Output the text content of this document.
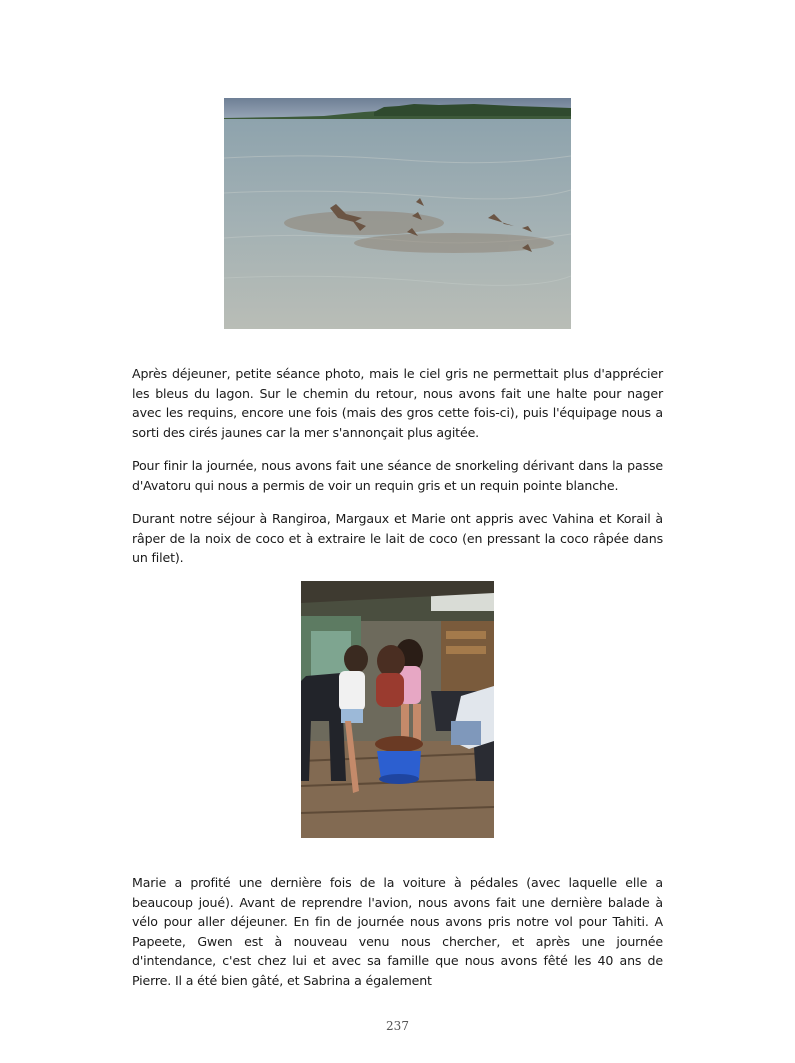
Après déjeuner, petite séance photo, mais le ciel gris ne permettait plus d'apprécier les bleus du lagon. Sur le chemin du retour, nous avons fait une halte pour nager avec les requins, encore une fois (mais des gros cette fois-ci), puis l'équipage nous a sorti des cirés jaunes car la mer s'annonçait plus agitée.

Pour finir la journée, nous avons fait une séance de snorkeling dérivant dans la passe d'Avatoru qui nous a permis de voir un requin gris et un requin pointe blanche.

Durant notre séjour à Rangiroa, Margaux et Marie ont appris avec Vahina et Korail à râper de la noix de coco et à extraire le lait de coco (en pressant la coco râpée dans un filet).

Marie a profité une dernière fois de la voiture à pédales (avec laquelle elle a beaucoup joué). Avant de reprendre l'avion, nous avons fait une dernière balade à vélo pour aller déjeuner. En fin de journée nous avons pris notre vol pour Tahiti. A Papeete, Gwen est à nouveau venu nous chercher, et après une journée d'intendance, c'est chez lui et avec sa famille que nous avons fêté les 40 ans de Pierre. Il a été bien gâté, et Sabrina a également

237
